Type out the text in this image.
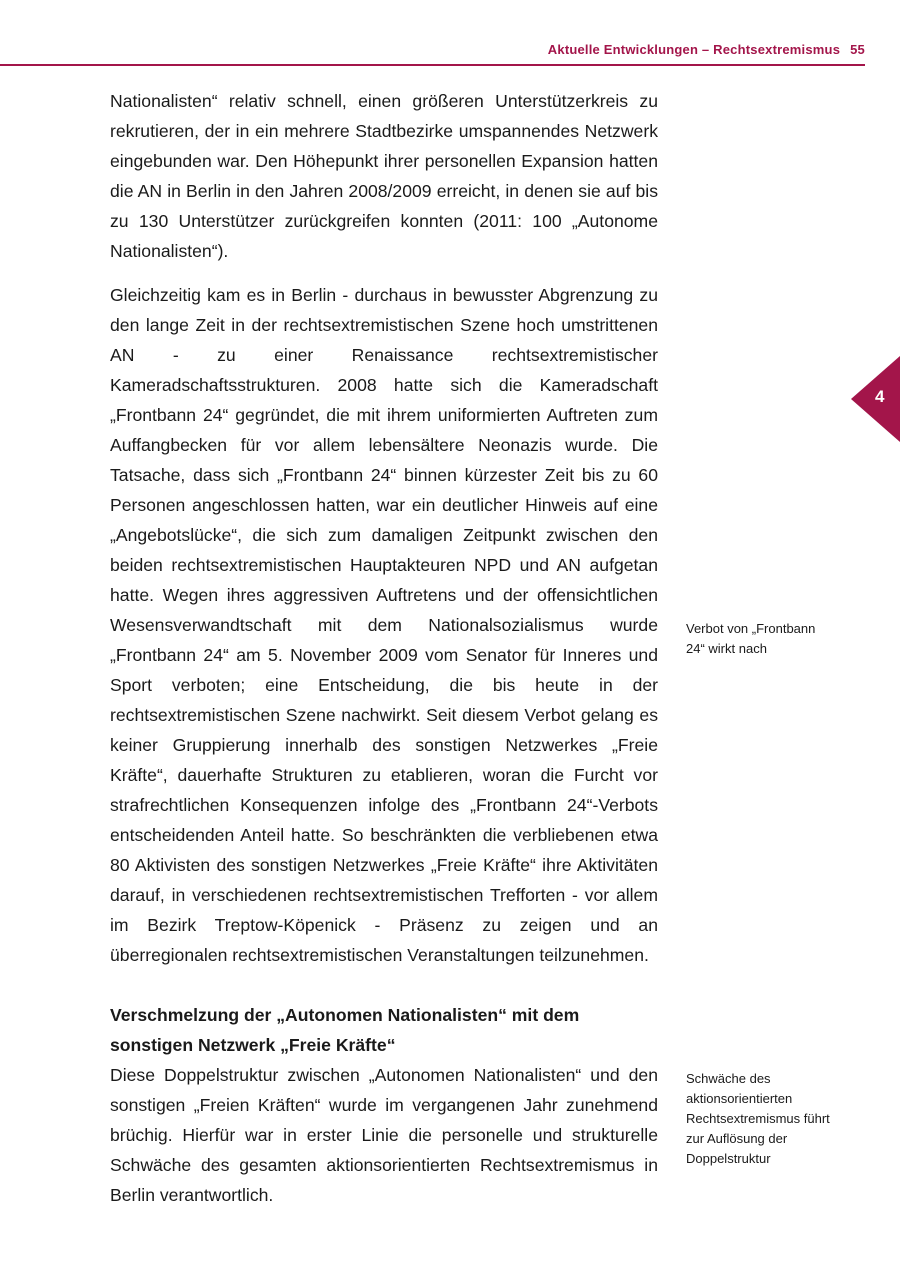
Aktuelle Entwicklungen – Rechtsextremismus 55
4

Nationalisten“ relativ schnell, einen größeren Unterstützerkreis zu rekrutieren, der in ein mehrere Stadtbezirke umspannendes Netzwerk eingebunden war. Den Höhepunkt ihrer personellen Expansion hatten die AN in Berlin in den Jahren 2008/2009 erreicht, in denen sie auf bis zu 130 Unterstützer zurückgreifen konnten (2011: 100 „Autonome Nationalisten“).

Gleichzeitig kam es in Berlin - durchaus in bewusster Abgrenzung zu den lange Zeit in der rechtsextremistischen Szene hoch umstrittenen AN - zu einer Renaissance rechtsextremistischer Kameradschaftsstrukturen. 2008 hatte sich die Kameradschaft „Frontbann 24“ gegründet, die mit ihrem uniformierten Auftreten zum Auffangbecken für vor allem lebensältere Neonazis wurde. Die Tatsache, dass sich „Frontbann 24“ binnen kürzester Zeit bis zu 60 Personen angeschlossen hatten, war ein deutlicher Hinweis auf eine „Angebotslücke“, die sich zum damaligen Zeitpunkt zwischen den beiden rechtsextremistischen Hauptakteuren NPD und AN aufgetan hatte. Wegen ihres aggressiven Auftretens und der offensichtlichen Wesensverwandtschaft mit dem Nationalsozialismus wurde „Frontbann 24“ am 5. November 2009 vom Senator für Inneres und Sport verboten; eine Entscheidung, die bis heute in der rechtsextremistischen Szene nachwirkt. Seit diesem Verbot gelang es keiner Gruppierung innerhalb des sonstigen Netzwerkes „Freie Kräfte“, dauerhafte Strukturen zu etablieren, woran die Furcht vor strafrechtlichen Konsequenzen infolge des „Frontbann 24“-Verbots entscheidenden Anteil hatte. So beschränkten die verbliebenen etwa 80 Aktivisten des sonstigen Netzwerkes „Freie Kräfte“ ihre Aktivitäten darauf, in verschiedenen rechtsextremistischen Trefforten - vor allem im Bezirk Treptow-Köpenick - Präsenz zu zeigen und an überregionalen rechtsextremistischen Veranstaltungen teilzunehmen.

Verschmelzung der „Autonomen Nationalisten“ mit dem sonstigen Netzwerk „Freie Kräfte“

Diese Doppelstruktur zwischen „Autonomen Nationalisten“ und den sonstigen „Freien Kräften“ wurde im vergangenen Jahr zunehmend brüchig. Hierfür war in erster Linie die personelle und strukturelle Schwäche des gesamten aktionsorientierten Rechtsextremismus in Berlin verantwortlich.

Verbot von „Frontbann 24“ wirkt nach
Schwäche des aktionsorientierten Rechtsextremismus führt zur Auflösung der Doppelstruktur
